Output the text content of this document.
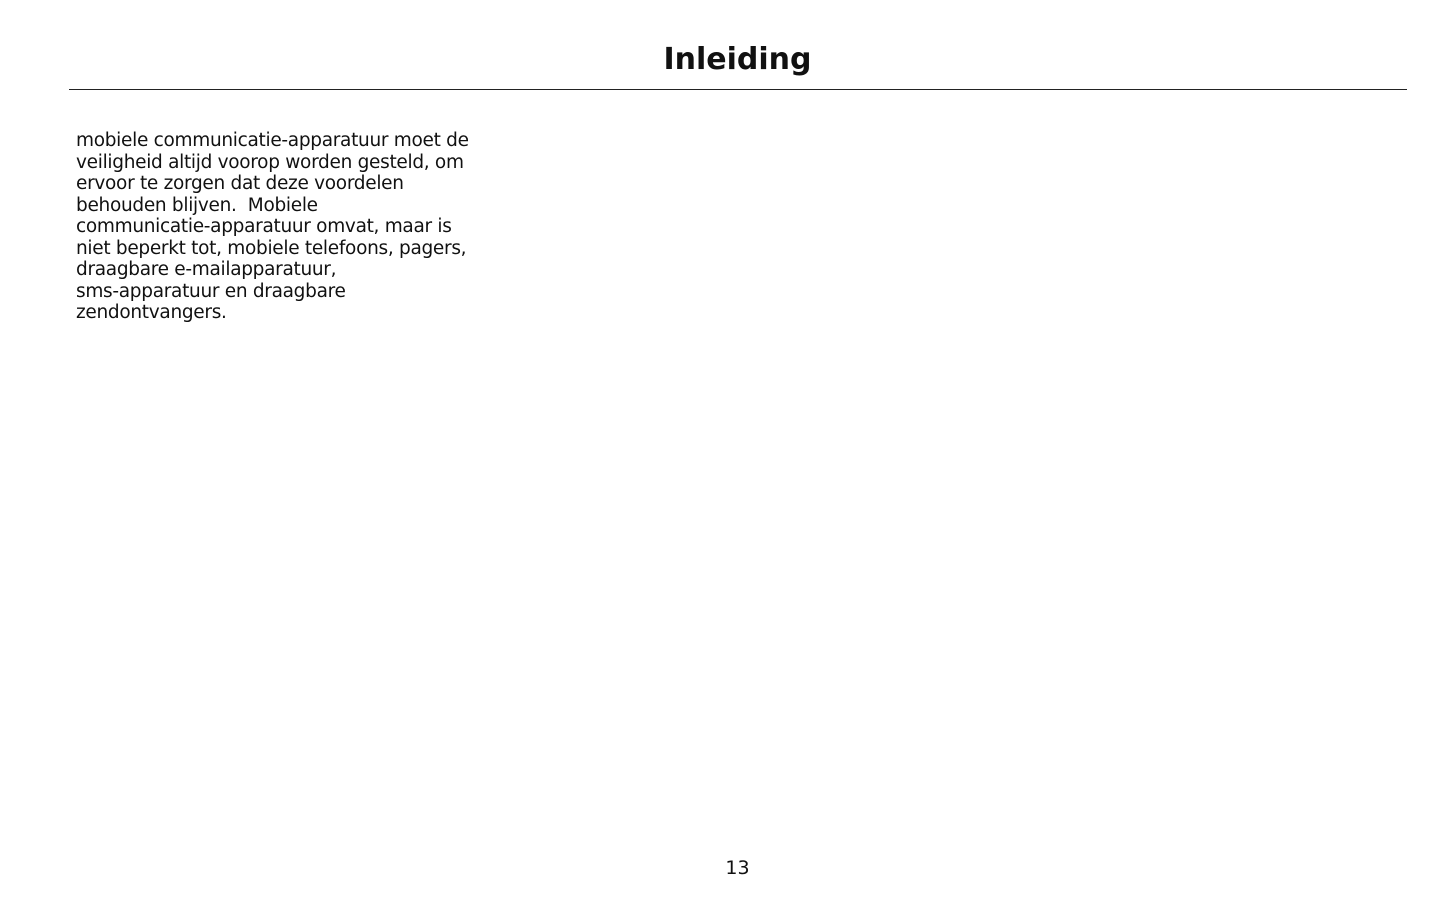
Inleiding
mobiele communicatie-apparatuur moet de
veiligheid altijd voorop worden gesteld, om
ervoor te zorgen dat deze voordelen
behouden blijven.  Mobiele
communicatie-apparatuur omvat, maar is
niet beperkt tot, mobiele telefoons, pagers,
draagbare e-mailapparatuur,
sms-apparatuur en draagbare
zendontvangers.
13
